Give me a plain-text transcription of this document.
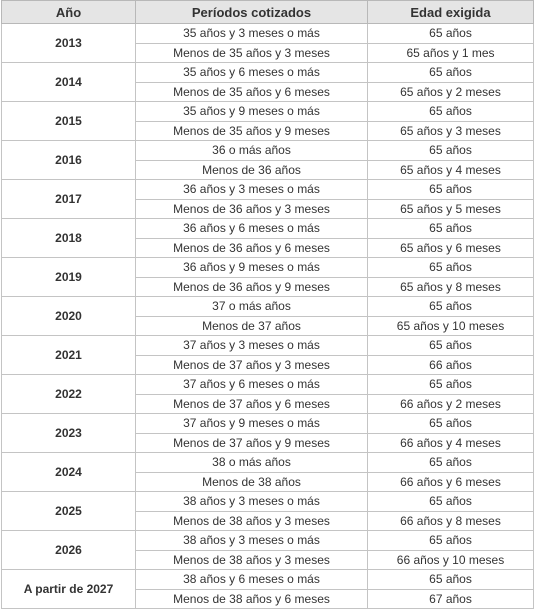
Año	Períodos cotizados	Edad exigida
2013	35 años y 3 meses o más	65 años
	Menos de 35 años y 3 meses	65 años y 1 mes
2014	35 años y 6 meses o más	65 años
	Menos de 35 años y 6 meses	65 años y 2 meses
2015	35 años y 9 meses o más	65 años
	Menos de 35 años y 9 meses	65 años y 3 meses
2016	36 o más años	65 años
	Menos de 36 años	65 años y 4 meses
2017	36 años y 3 meses o más	65 años
	Menos de 36 años y 3 meses	65 años y 5 meses
2018	36 años y 6 meses o más	65 años
	Menos de 36 años y 6 meses	65 años y 6 meses
2019	36 años y 9 meses o más	65 años
	Menos de 36 años y 9 meses	65 años y 8 meses
2020	37 o más años	65 años
	Menos de 37 años	65 años y 10 meses
2021	37 años y 3 meses o más	65 años
	Menos de 37 años y 3 meses	66 años
2022	37 años y 6 meses o más	65 años
	Menos de 37 años y 6 meses	66 años y 2 meses
2023	37 años y 9 meses o más	65 años
	Menos de 37 años y 9 meses	66 años y 4 meses
2024	38 o más años	65 años
	Menos de 38 años	66 años y 6 meses
2025	38 años y 3 meses o más	65 años
	Menos de 38 años y 3 meses	66 años y 8 meses
2026	38 años y 3 meses o más	65 años
	Menos de 38 años y 3 meses	66 años y 10 meses
A partir de 2027	38 años y 6 meses o más	65 años
	Menos de 38 años y 6 meses	67 años
